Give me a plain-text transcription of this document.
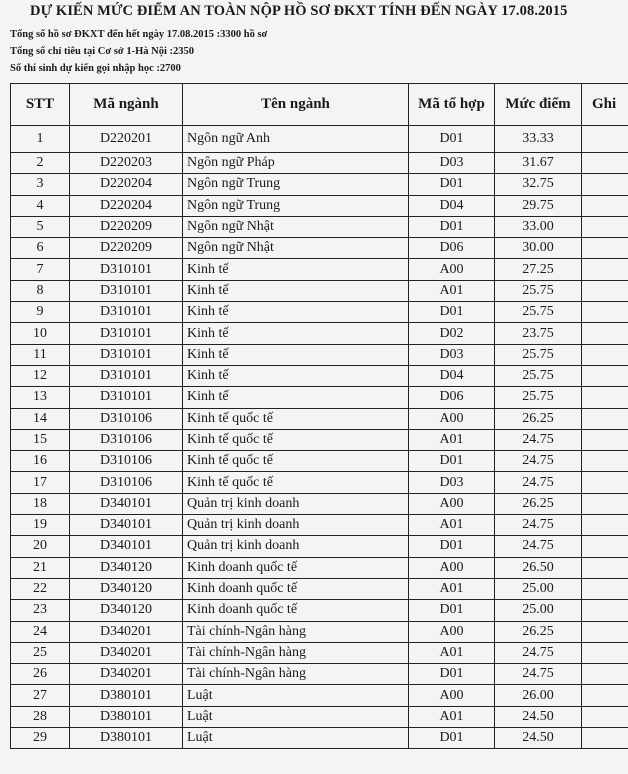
DỰ KIẾN MỨC ĐIỂM AN TOÀN NỘP HỒ SƠ ĐKXT TÍNH ĐẾN NGÀY 17.08.2015
Tổng số hồ sơ ĐKXT đến hết ngày 17.08.2015 :3300 hồ sơ
Tổng số chỉ tiêu tại Cơ sở 1-Hà Nội :2350
Số thí sinh dự kiến gọi nhập học :2700
STT	Mã ngành	Tên ngành	Mã tổ hợp	Mức điểm	Ghi
1	D220201	Ngôn ngữ Anh	D01	33.33	
2	D220203	Ngôn ngữ Pháp	D03	31.67	
3	D220204	Ngôn ngữ Trung	D01	32.75	
4	D220204	Ngôn ngữ Trung	D04	29.75	
5	D220209	Ngôn ngữ Nhật	D01	33.00	
6	D220209	Ngôn ngữ Nhật	D06	30.00	
7	D310101	Kinh tế	A00	27.25	
8	D310101	Kinh tế	A01	25.75	
9	D310101	Kinh tế	D01	25.75	
10	D310101	Kinh tế	D02	23.75	
11	D310101	Kinh tế	D03	25.75	
12	D310101	Kinh tế	D04	25.75	
13	D310101	Kinh tế	D06	25.75	
14	D310106	Kinh tế quốc tế	A00	26.25	
15	D310106	Kinh tế quốc tế	A01	24.75	
16	D310106	Kinh tế quốc tế	D01	24.75	
17	D310106	Kinh tế quốc tế	D03	24.75	
18	D340101	Quản trị kinh doanh	A00	26.25	
19	D340101	Quản trị kinh doanh	A01	24.75	
20	D340101	Quản trị kinh doanh	D01	24.75	
21	D340120	Kinh doanh quốc tế	A00	26.50	
22	D340120	Kinh doanh quốc tế	A01	25.00	
23	D340120	Kinh doanh quốc tế	D01	25.00	
24	D340201	Tài chính-Ngân hàng	A00	26.25	
25	D340201	Tài chính-Ngân hàng	A01	24.75	
26	D340201	Tài chính-Ngân hàng	D01	24.75	
27	D380101	Luật	A00	26.00	
28	D380101	Luật	A01	24.50	
29	D380101	Luật	D01	24.50	
